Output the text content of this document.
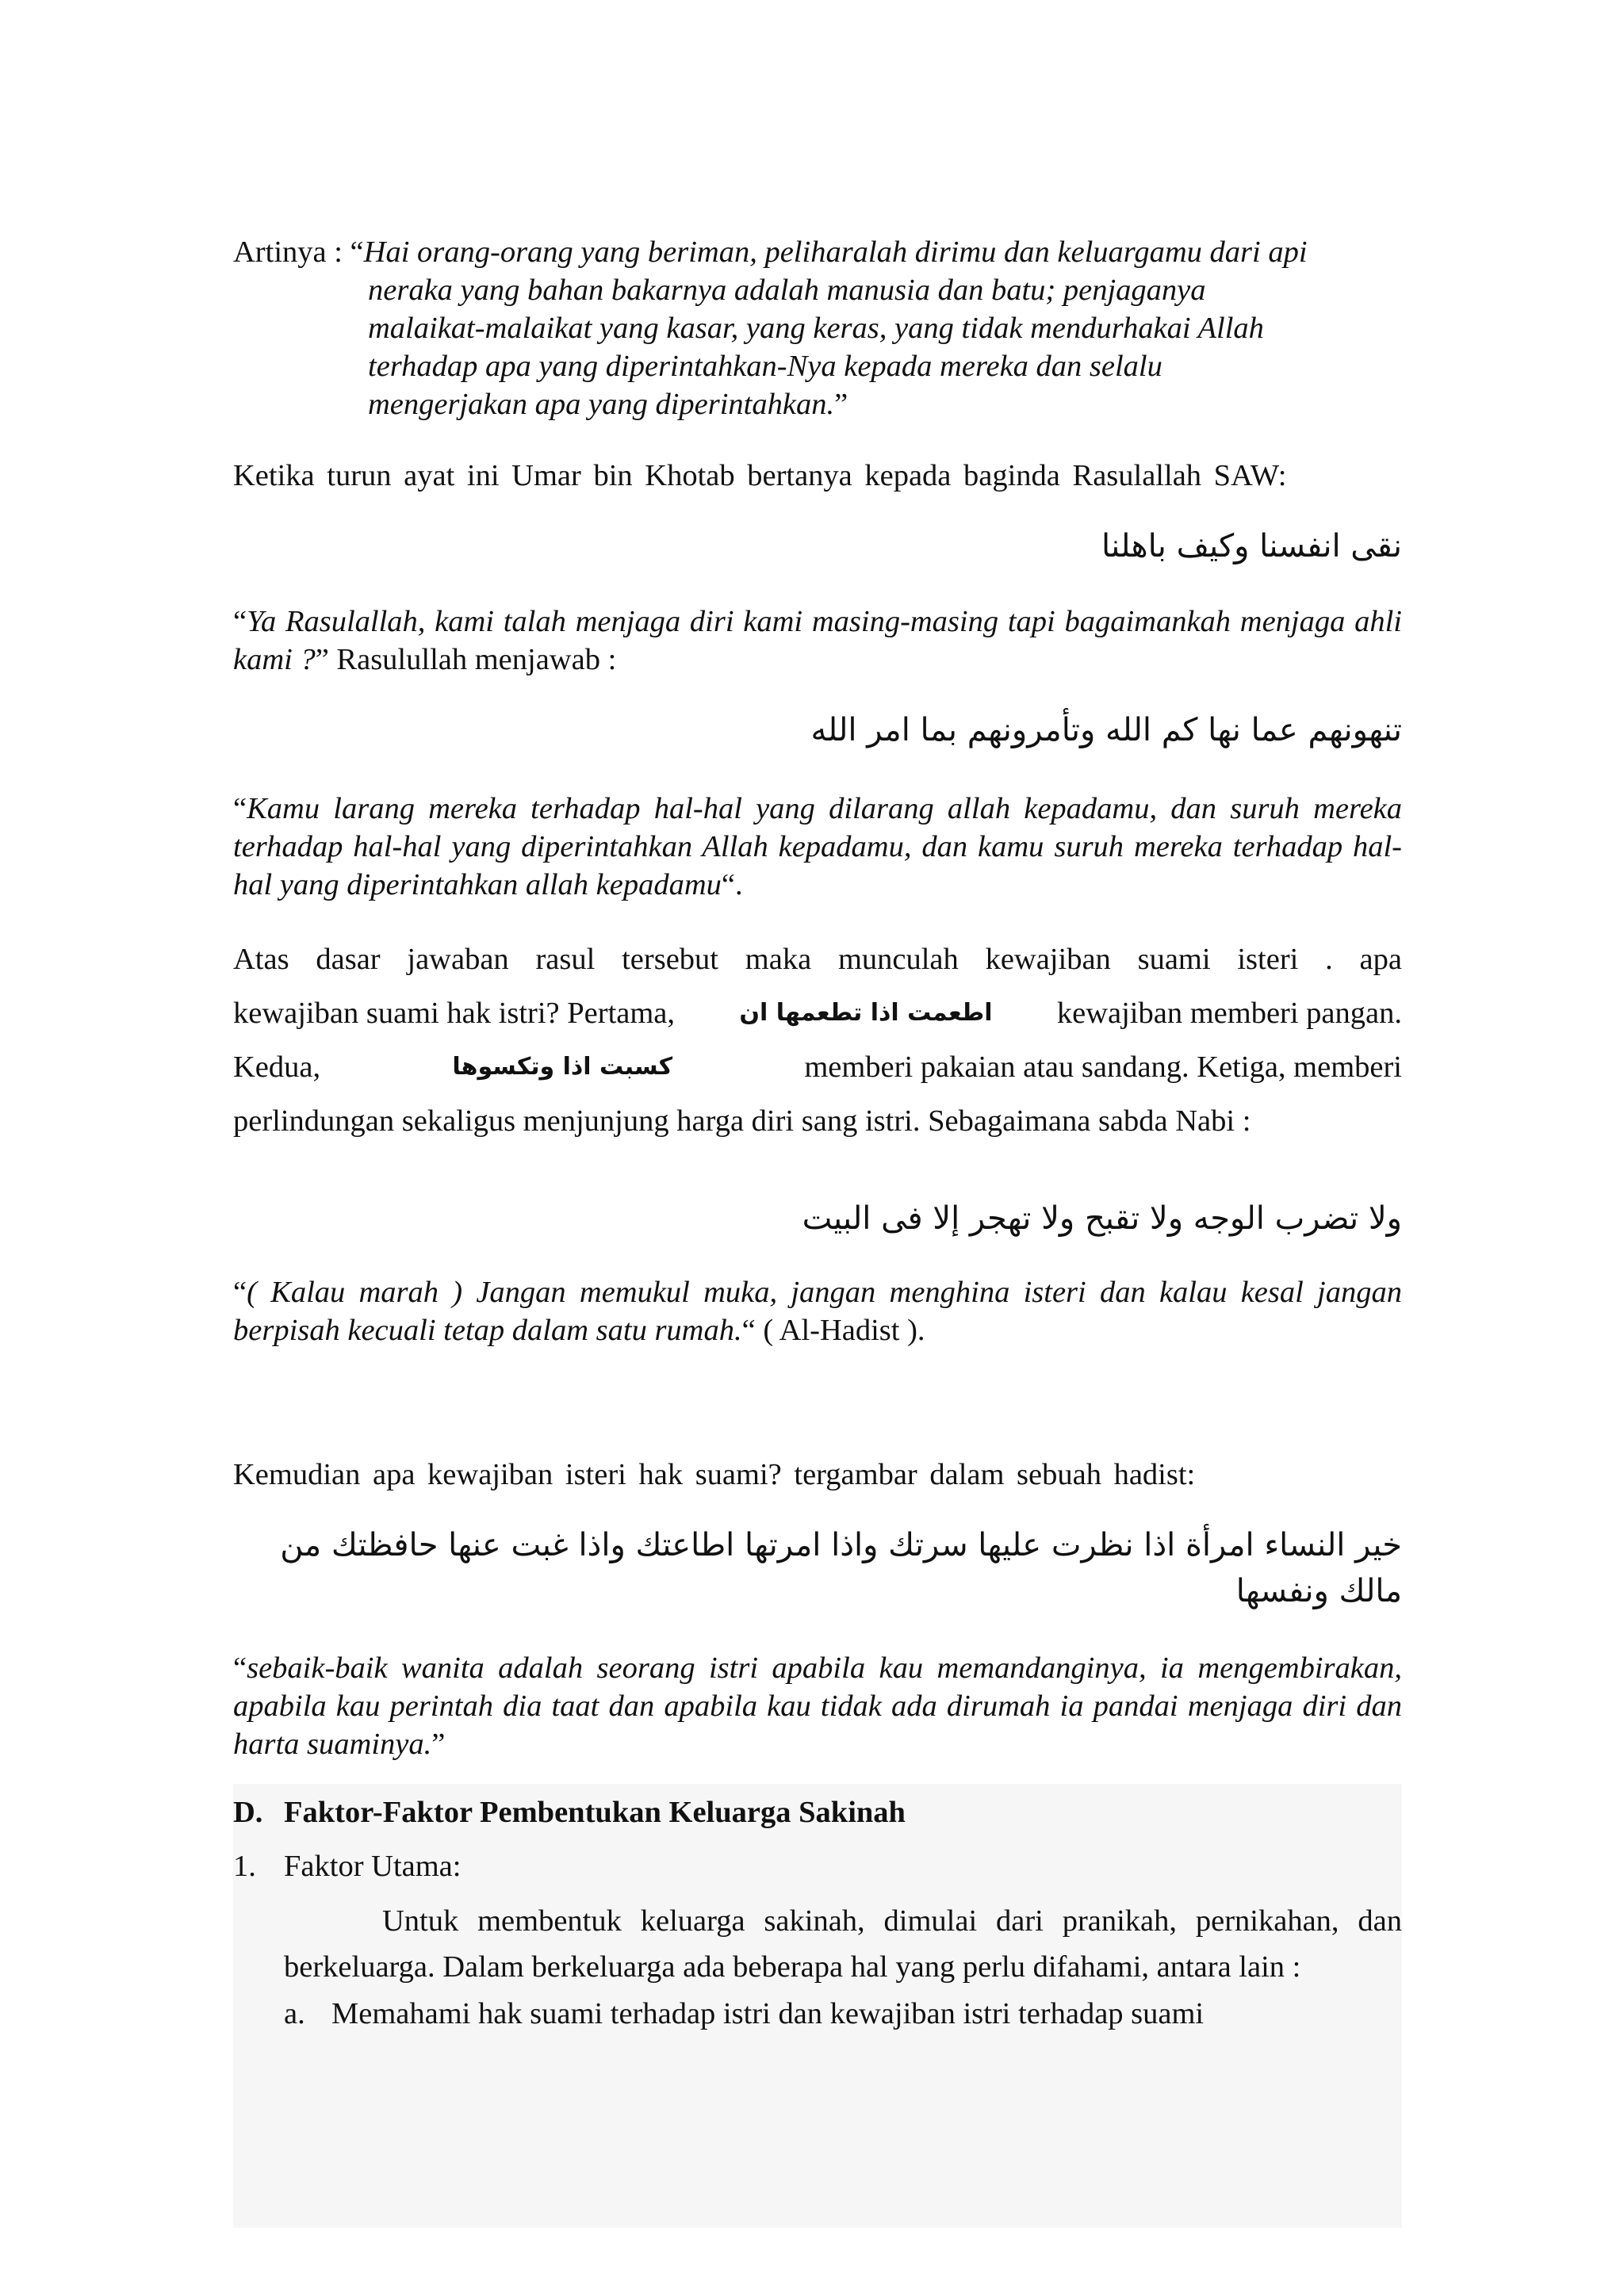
Artinya : “Hai orang-orang yang beriman, peliharalah dirimu dan keluargamu dari api
neraka yang bahan bakarnya adalah manusia dan batu; penjaganya
malaikat-malaikat yang kasar, yang keras, yang tidak mendurhakai Allah
terhadap apa yang diperintahkan-Nya kepada mereka dan selalu
mengerjakan apa yang diperintahkan.”
Ketika turun ayat ini Umar bin Khotab bertanya kepada baginda Rasulallah SAW:
نقى انفسنا وكيف باهلنا
“Ya Rasulallah, kami talah menjaga diri kami masing-masing tapi bagaimankah menjaga ahli kami ?” Rasulullah menjawab :
تنهونهم عما نها كم الله وتأمرونهم بما امر الله
“Kamu larang mereka terhadap hal-hal yang dilarang allah kepadamu, dan suruh mereka terhadap hal-hal yang diperintahkan Allah kepadamu, dan kamu suruh mereka terhadap hal-hal yang diperintahkan allah kepadamu“.
Atas dasar jawaban rasul tersebut maka munculah kewajiban suami isteri . apa
kewajiban suami hak istri? Pertama,	اطعمت اذا تطعمها ان kewajiban memberi pangan.
Kedua,	كسبت اذا وتكسوها	memberi pakaian atau sandang. Ketiga, memberi
perlindungan sekaligus menjunjung harga diri sang istri. Sebagaimana sabda Nabi :
ولا تضرب الوجه ولا تقبح ولا تهجر إلا فى البيت
“( Kalau marah ) Jangan memukul muka, jangan menghina isteri dan kalau kesal jangan berpisah kecuali tetap dalam satu rumah.“ ( Al-Hadist ).
Kemudian apa kewajiban isteri hak suami? tergambar dalam sebuah hadist:
خير النساء امرأة اذا نظرت عليها سرتك واذا امرتها اطاعتك واذا غبت عنها حافظتك من مالك ونفسها
“sebaik-baik wanita adalah seorang istri apabila kau memandanginya, ia mengembirakan, apabila kau perintah dia taat dan apabila kau tidak ada dirumah ia pandai menjaga diri dan harta suaminya.”
D. Faktor-Faktor Pembentukan Keluarga Sakinah
1. Faktor Utama:
Untuk membentuk keluarga sakinah, dimulai dari pranikah, pernikahan, dan berkeluarga. Dalam berkeluarga ada beberapa hal yang perlu difahami, antara lain :
a. Memahami hak suami terhadap istri dan kewajiban istri terhadap suami
